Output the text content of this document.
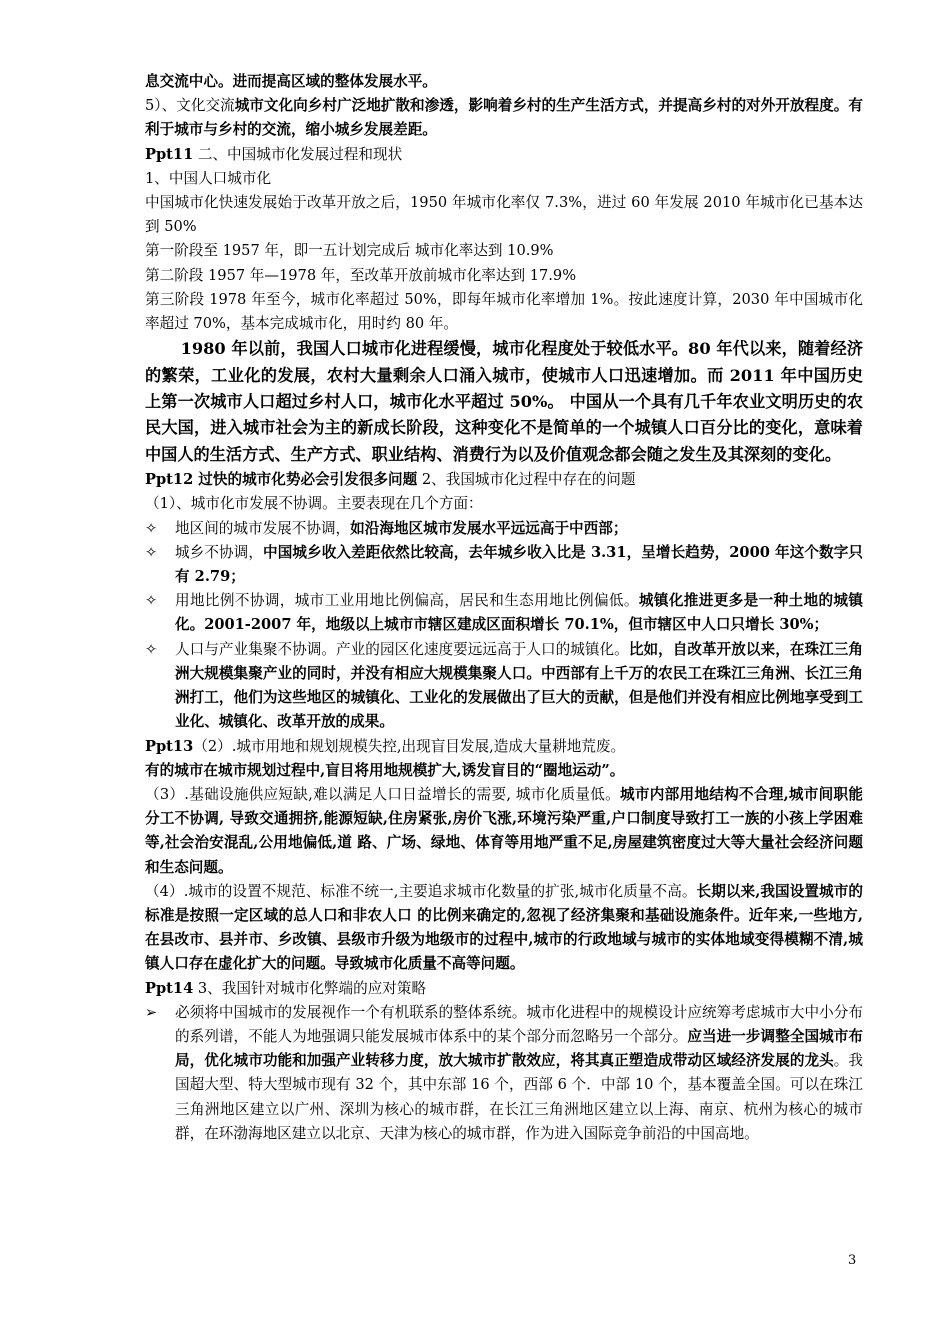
息交流中心。进而提高区域的整体发展水平。

5）、文化交流城市文化向乡村广泛地扩散和渗透，影响着乡村的生产生活方式，并提高乡村的对外开放程度。有利于城市与乡村的交流，缩小城乡发展差距。

Ppt11 二、中国城市化发展过程和现状

1、中国人口城市化

中国城市化快速发展始于改革开放之后，1950 年城市化率仅 7.3%，进过 60 年发展 2010 年城市化已基本达到 50%

第一阶段至 1957 年，即一五计划完成后 城市化率达到 10.9%

第二阶段 1957 年—1978 年，至改革开放前城市化率达到 17.9%

第三阶段 1978 年至今，城市化率超过 50%，即每年城市化率增加 1%。按此速度计算，2030 年中国城市化率超过 70%，基本完成城市化，用时约 80 年。

1980 年以前，我国人口城市化进程缓慢，城市化程度处于较低水平。80 年代以来，随着经济的繁荣，工业化的发展，农村大量剩余人口涌入城市，使城市人口迅速增加。而 2011 年中国历史上第一次城市人口超过乡村人口，城市化水平超过 50%。 中国从一个具有几千年农业文明历史的农民大国，进入城市社会为主的新成长阶段，这种变化不是简单的一个城镇人口百分比的变化，意味着中国人的生活方式、生产方式、职业结构、消费行为以及价值观念都会随之发生及其深刻的变化。

Ppt12 过快的城市化势必会引发很多问题 2、我国城市化过程中存在的问题

（1）、城市化市发展不协调。主要表现在几个方面：

✧	地区间的城市发展不协调，如沿海地区城市发展水平远远高于中西部；

✧	城乡不协调，中国城乡收入差距依然比较高，去年城乡收入比是 3.31，呈增长趋势，2000 年这个数字只有 2.79；

✧	用地比例不协调，城市工业用地比例偏高，居民和生态用地比例偏低。城镇化推进更多是一种土地的城镇化。2001-2007 年，地级以上城市市辖区建成区面积增长 70.1%，但市辖区中人口只增长 30%；

✧	人口与产业集聚不协调。产业的园区化速度要远远高于人口的城镇化。比如，自改革开放以来，在珠江三角洲大规模集聚产业的同时，并没有相应大规模集聚人口。中西部有上千万的农民工在珠江三角洲、长江三角洲打工，他们为这些地区的城镇化、工业化的发展做出了巨大的贡献，但是他们并没有相应比例地享受到工业化、城镇化、改革开放的成果。

Ppt13（2）.城市用地和规划规模失控,出现盲目发展,造成大量耕地荒废。

有的城市在城市规划过程中,盲目将用地规模扩大,诱发盲目的“圈地运动”。

（3）.基础设施供应短缺,难以满足人口日益增长的需要, 城市化质量低。城市内部用地结构不合理,城市间职能分工不协调, 导致交通拥挤,能源短缺,住房紧张,房价飞涨,环境污染严重,户口制度导致打工一族的小孩上学困难等,社会治安混乱,公用地偏低,道 路、广场、绿地、体育等用地严重不足,房屋建筑密度过大等大量社会经济问题和生态问题。

（4）.城市的设置不规范、标准不统一,主要追求城市化数量的扩张,城市化质量不高。长期以来,我国设置城市的标准是按照一定区域的总人口和非农人口 的比例来确定的,忽视了经济集聚和基础设施条件。近年来,一些地方, 在县改市、县并市、乡改镇、县级市升级为地级市的过程中,城市的行政地域与城市的实体地域变得模糊不清,城镇人口存在虚化扩大的问题。导致城市化质量不高等问题。

Ppt14 3、我国针对城市化弊端的应对策略

➢	必须将中国城市的发展视作一个有机联系的整体系统。城市化进程中的规模设计应统筹考虑城市大中小分布的系列谱，不能人为地强调只能发展城市体系中的某个部分而忽略另一个部分。应当进一步调整全国城市布局，优化城市功能和加强产业转移力度，放大城市扩散效应，将其真正塑造成带动区域经济发展的龙头。我国超大型、特大型城市现有 32 个，其中东部 16 个，西部 6 个．中部 10 个，基本覆盖全国。可以在珠江三角洲地区建立以广州、深圳为核心的城市群，在长江三角洲地区建立以上海、南京、杭州为核心的城市群，在环渤海地区建立以北京、天津为核心的城市群，作为进入国际竞争前沿的中国高地。

3
